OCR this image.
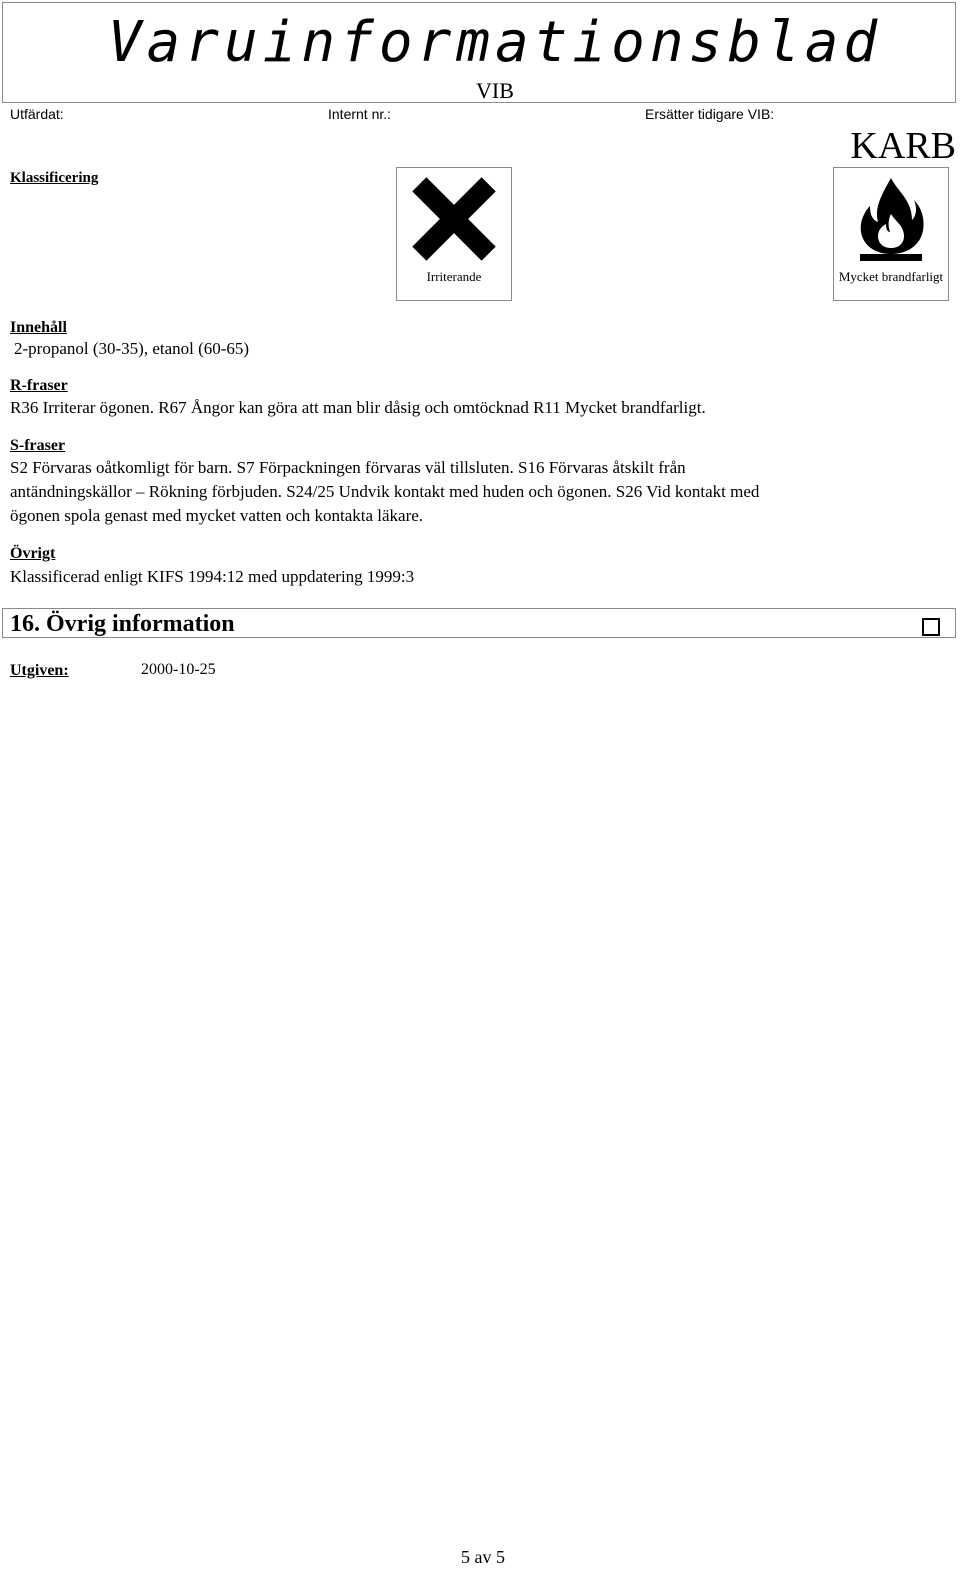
Varuinformationsblad
VIB
Utfärdat:	Internt nr.:	Ersätter tidigare VIB:
KARB
Klassificering
Irriterande	Mycket brandfarligt
Innehåll
2-propanol (30-35), etanol (60-65)
R-fraser
R36 Irriterar ögonen. R67 Ångor kan göra att man blir dåsig och omtöcknad R11 Mycket brandfarligt.
S-fraser
S2 Förvaras oåtkomligt för barn. S7 Förpackningen förvaras väl tillsluten. S16 Förvaras åtskilt från
antändningskällor – Rökning förbjuden. S24/25 Undvik kontakt med huden och ögonen. S26 Vid kontakt med
ögonen spola genast med mycket vatten och kontakta läkare.
Övrigt
Klassificerad enligt KIFS 1994:12 med uppdatering 1999:3
16. Övrig information
Utgiven:	2000-10-25
5 av 5
